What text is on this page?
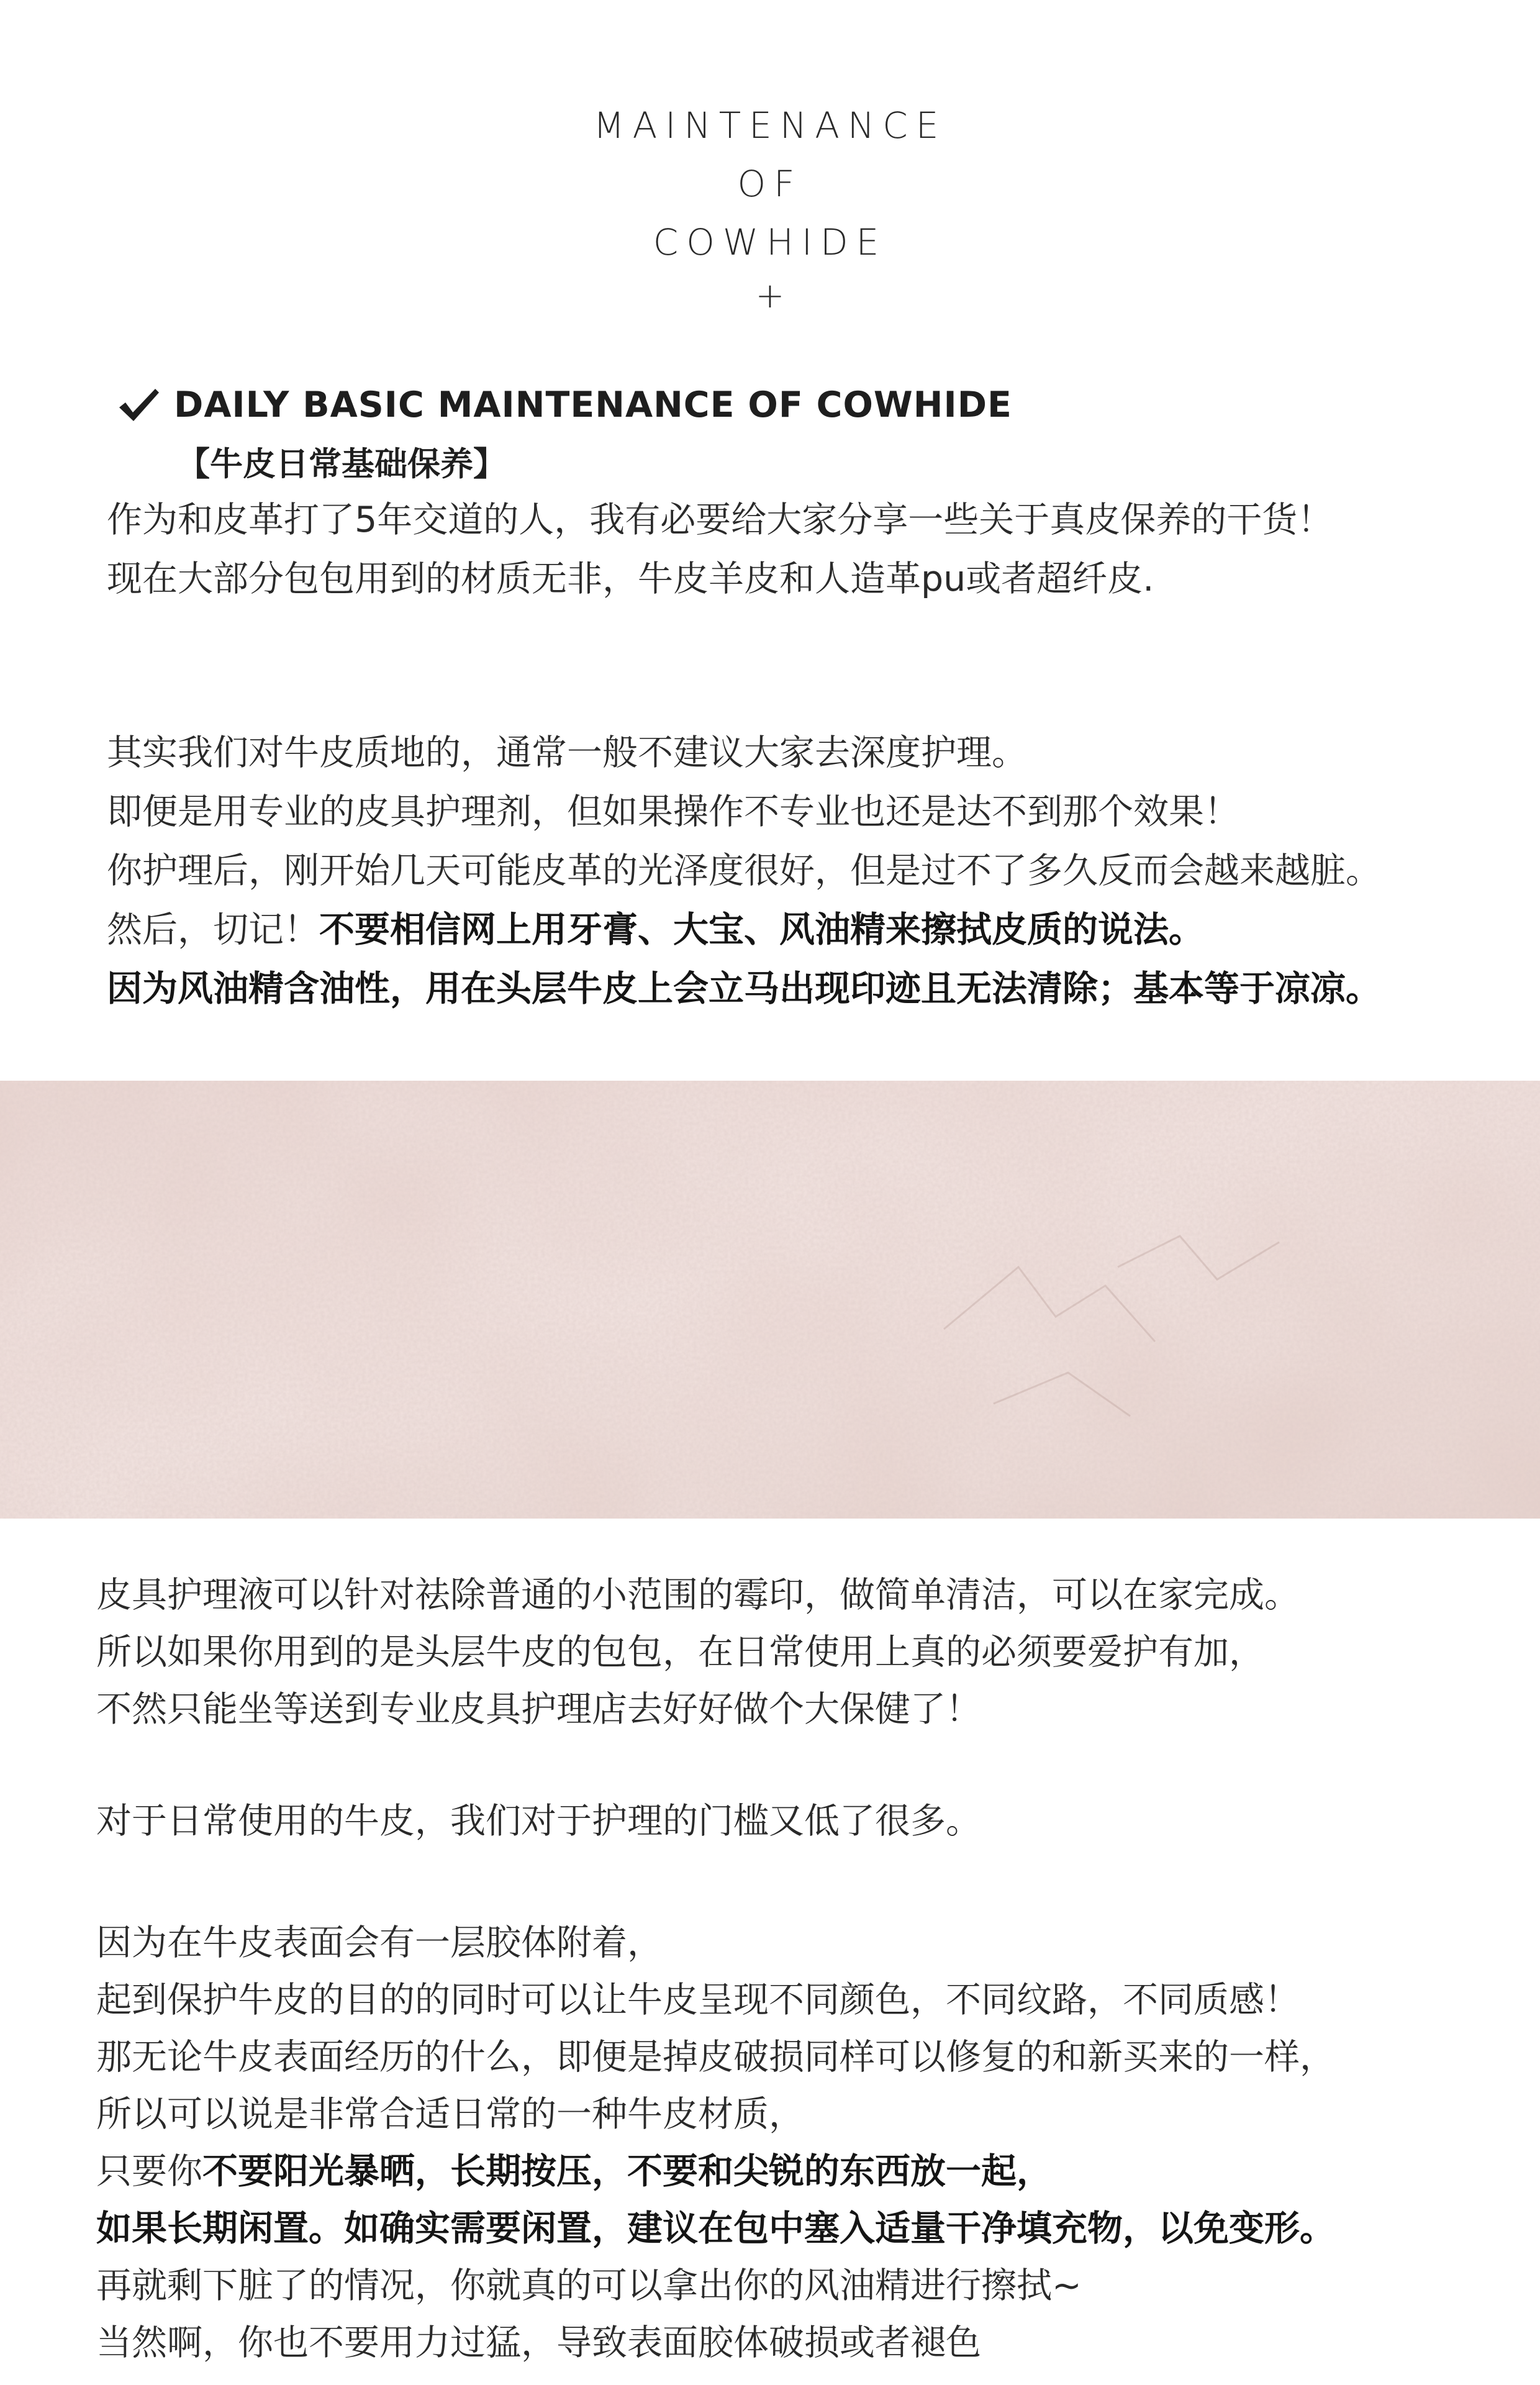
MAINTENANCE
OF
COWHIDE
+
DAILY BASIC MAINTENANCE OF COWHIDE
【牛皮日常基础保养】

作为和皮革打了5年交道的人，我有必要给大家分享一些关于真皮保养的干货！

现在大部分包包用到的材质无非，牛皮羊皮和人造革pu或者超纤皮.

其实我们对牛皮质地的，通常一般不建议大家去深度护理。

即便是用专业的皮具护理剂，但如果操作不专业也还是达不到那个效果！

你护理后，刚开始几天可能皮革的光泽度很好，但是过不了多久反而会越来越脏。

然后，切记！不要相信网上用牙膏、大宝、风油精来擦拭皮质的说法。

因为风油精含油性，用在头层牛皮上会立马出现印迹且无法清除；基本等于凉凉。

皮具护理液可以针对祛除普通的小范围的霉印，做简单清洁，可以在家完成。

所以如果你用到的是头层牛皮的包包，在日常使用上真的必须要爱护有加，

不然只能坐等送到专业皮具护理店去好好做个大保健了！

对于日常使用的牛皮，我们对于护理的门槛又低了很多。

因为在牛皮表面会有一层胶体附着，

起到保护牛皮的目的的同时可以让牛皮呈现不同颜色，不同纹路，不同质感！

那无论牛皮表面经历的什么，即便是掉皮破损同样可以修复的和新买来的一样，

所以可以说是非常合适日常的一种牛皮材质，

只要你不要阳光暴晒，长期按压，不要和尖锐的东西放一起，

如果长期闲置。如确实需要闲置，建议在包中塞入适量干净填充物，以免变形。

再就剩下脏了的情况，你就真的可以拿出你的风油精进行擦拭~

当然啊，你也不要用力过猛，导致表面胶体破损或者褪色
